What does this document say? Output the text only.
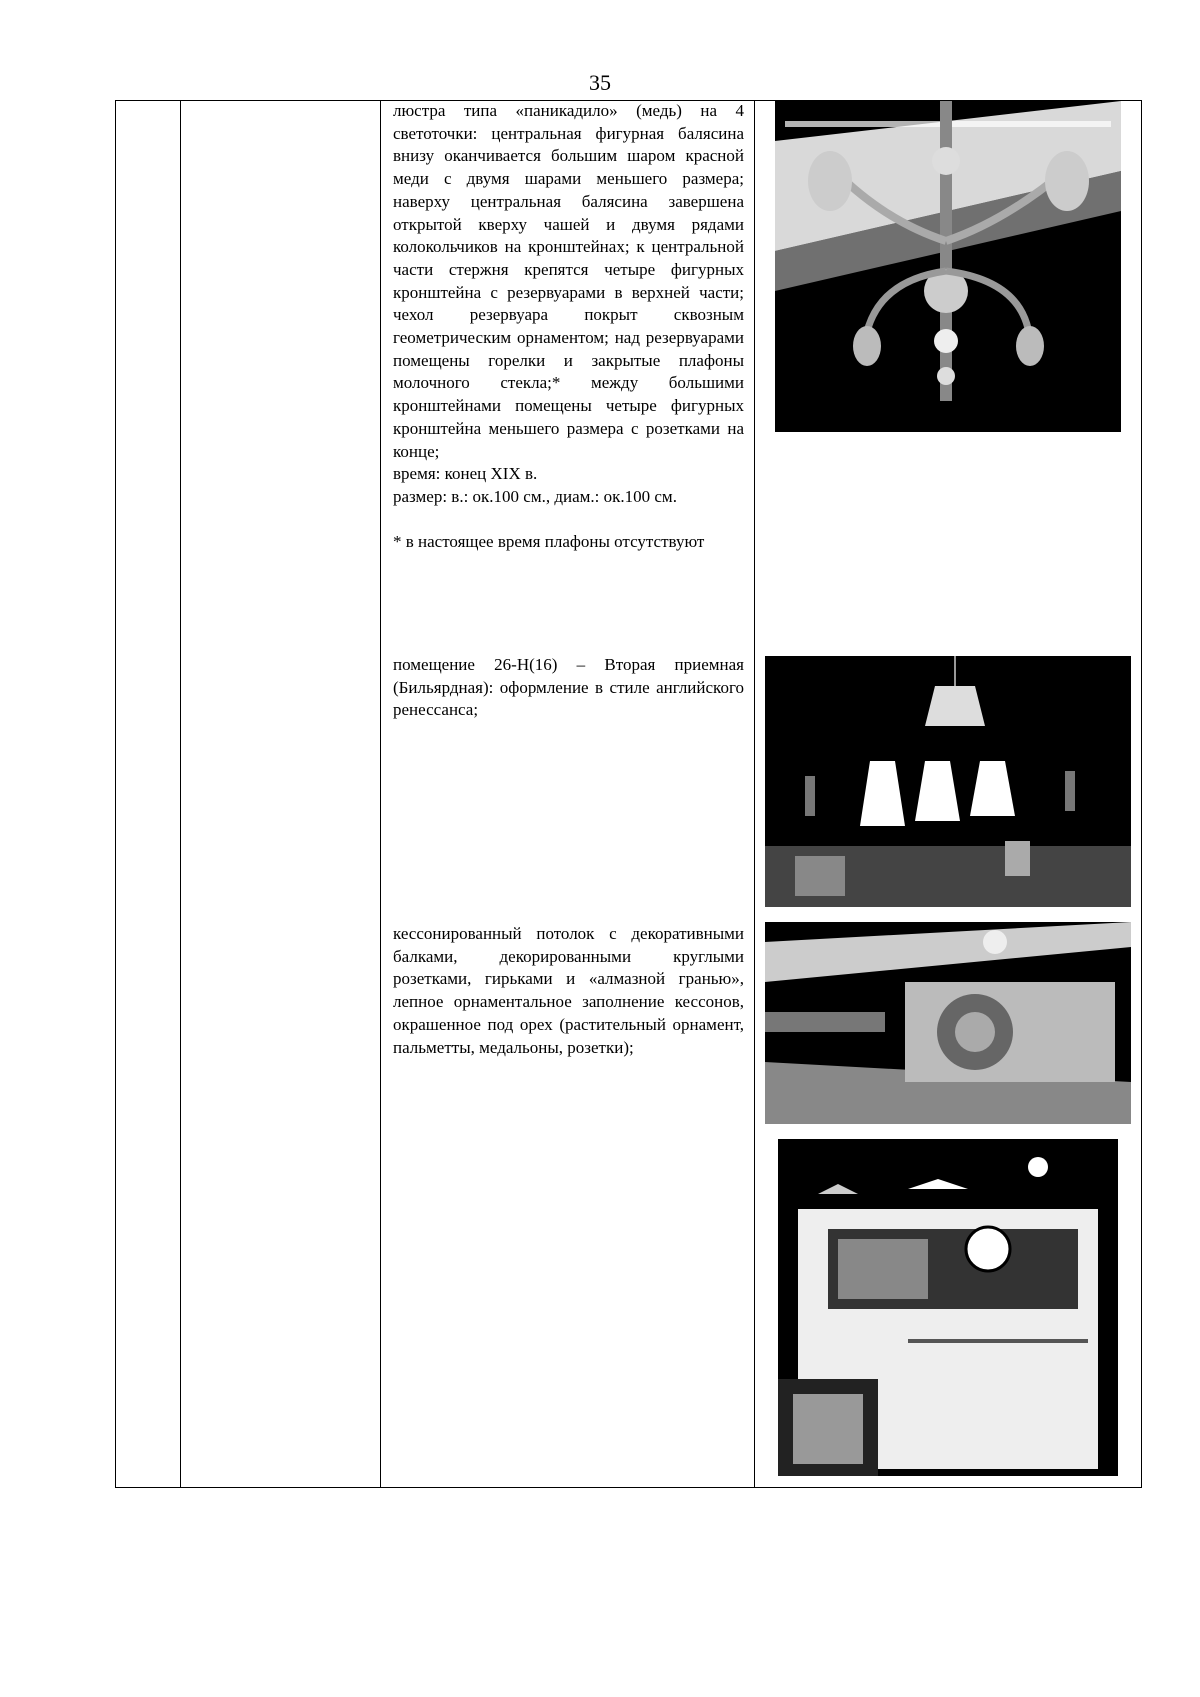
35

люстра типа «паникадило» (медь) на 4 светоточки: центральная фигурная балясина внизу оканчивается большим шаром красной меди с двумя шарами меньшего размера; наверху центральная балясина завершена открытой кверху чашей и двумя рядами колокольчиков на кронштейнах; к центральной части стержня крепятся четыре фигурных кронштейна с резервуарами в верхней части; чехол резервуара покрыт сквозным геометрическим орнаментом; над резервуарами помещены горелки и закрытые плафоны молочного стекла;* между большими кронштейнами помещены четыре фигурных кронштейна меньшего размера с розетками на конце;

время: конец XIX в.

размер: в.: ок.100 см., диам.: ок.100 см.

* в настоящее время плафоны отсутствуют

помещение 26-Н(16) – Вторая приемная (Бильярдная): оформление в стиле английского ренессанса;

кессонированный потолок с декоративными балками, декорированными круглыми розетками, гирьками и «алмазной гранью», лепное орнаментальное заполнение кессонов, окрашенное под орех (растительный орнамент, пальметты, медальоны, розетки);
